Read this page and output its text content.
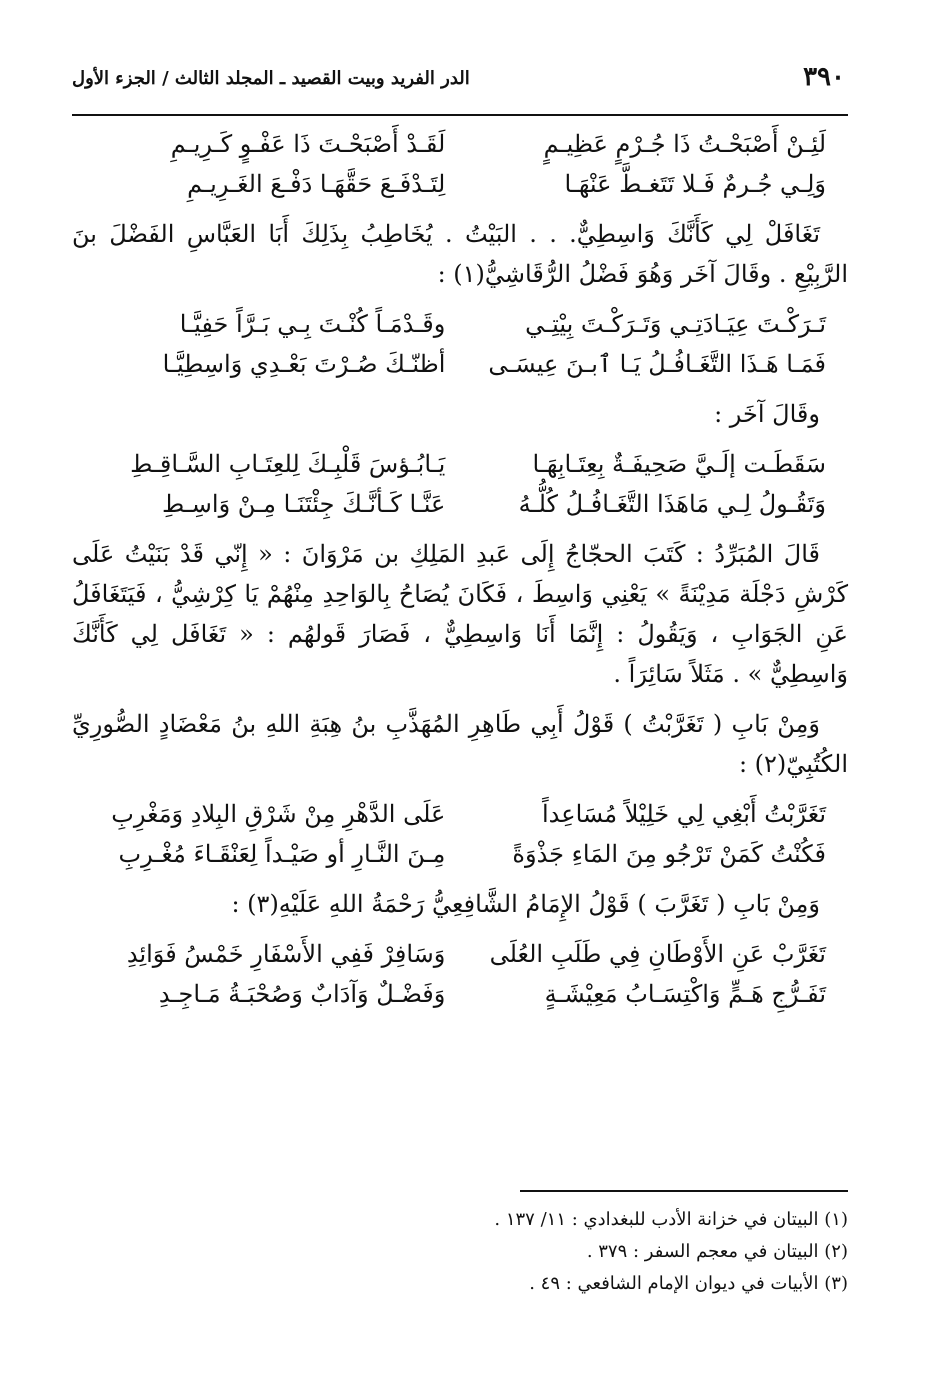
٣٩٠
الدر الفريد وبيت القصيد ـ المجلد الثالث / الجزء الأول
لَئِـنْ أَصْبَحْـتُ ذَا جُـرْمٍ عَظِيـمٍ
لَقَـدْ أَصْبَحْـتَ ذَا عَفْـوٍ كَـرِيـمِ
وَلِـي جُـرمٌ فَـلا تَتَغـطَّ عَنْهَـا
لِتَـدْفَـعَ حَقَّهَـا دَفْـعَ الغَـرِيـمِ

تَغَافَلْ لِي كَأَنَّكَ وَاسِطِيٌّ. . . البَيْتُ . يُخَاطِبُ بِذَلِكَ أَبَا العَبَّاسِ الفَضْلَ بنَ الرَّبِيْعِ . وقَالَ آخَر وَهُوَ فَضْلُ الرُّقَاشِيُّ(١) :

تَـرَكْـتَ عِيَـادَتِـي وَتَـرَكْـتَ بِيْتِـي
وقَـدْمَـاً كُنْـتَ بِـي بَـرَّاً حَفِيَّـا
فَمَـا هَـذَا التَّغَـافُـلُ يَـا ٱبـنَ عِيسَـى
أظنّـكَ صُـرْتَ بَعْـدِي وَاسِطِيَّـا

وقَالَ آخَر :

سَقَطَـت إلَـيَّ صَحِيفَـةٌ بِعِتَـابِهَـا
يَـابُـؤسَ قَلْبِـكَ لِلعِتَـابِ السَّـاقِـطِ
وَتَقُـولُ لِـي مَاهَذَا التَّغَـافُـلُ كُلُّـهُ
عَنَّـا كَـأنَّـكَ جِئْتَنَـا مِـنْ وَاسِـطِ

قَالَ المُبَرِّدُ : كَتَبَ الحجّاجُ إِلَى عَبدِ المَلِكِ بن مَرْوَانَ : « إِنّي قَدْ بَنَيْتُ عَلَى كَرْشِ دَجْلَة مَدِيْنَةً » يَعْنِي وَاسِطَ ، فَكَانَ يُصَاحُ بِالوَاحِدِ مِنْهُمْ يَا كِرْشِيُّ ، فَيَتَغَافَلُ عَنِ الجَوَابِ ، وَيَقُولُ : إِنَّمَا أَنَا وَاسِطِيٌّ ، فَصَارَ قَولهُم : « تَغَافَل لِي كَأَنَّكَ وَاسِطِيٌّ » . مَثَلاً سَائِرَاً .

وَمِنْ بَابِ ( تَغَرَّبْتُ ) قَوْلُ أَبِي طَاهِرِ المُهَذَّبِ بنُ هِبَةِ اللهِ بنُ مَعْضَادٍ الصُّورِيِّ الكُتُبِيّ(٢) :

تَغَرَّبْتُ أَبْغِي لِي خَلِيْلاً مُسَاعِداً
عَلَى الدَّهْرِ مِنْ شَرْقِ البِلادِ وَمَغْرِبِ
فَكُنْتُ كَمَنْ تَرْجُو مِنَ المَاءِ جَذْوَةً
مِـنَ النَّـارِ أو صَيْـداً لِعَنْقَـاءَ مُغْـرِبِ

وَمِنْ بَابِ ( تَغَرَّبَ ) قَوْلُ الإِمَامُ الشَّافِعِيُّ رَحْمَةُ اللهِ عَلَيْهِ(٣) :

تَغَرَّبْ عَنِ الأَوْطَانِ فِي طَلَبِ العُلَى
وَسَافِرْ فَفِي الأَسْفَارِ خَمْسُ فَوَائِدِ
تَفَـرُّجِ هَـمٍّ وَاكْتِسَـابُ مَعِيْشَـةٍ
وَفَضْـلٌ وَآدَابٌ وَصُحْبَـةُ مَـاجِـدِ
(١) البيتان في خزانة الأدب للبغدادي : ١١/ ١٣٧ .
(٢) البيتان في معجم السفر : ٣٧٩ .
(٣) الأبيات في ديوان الإمام الشافعي : ٤٩ .
